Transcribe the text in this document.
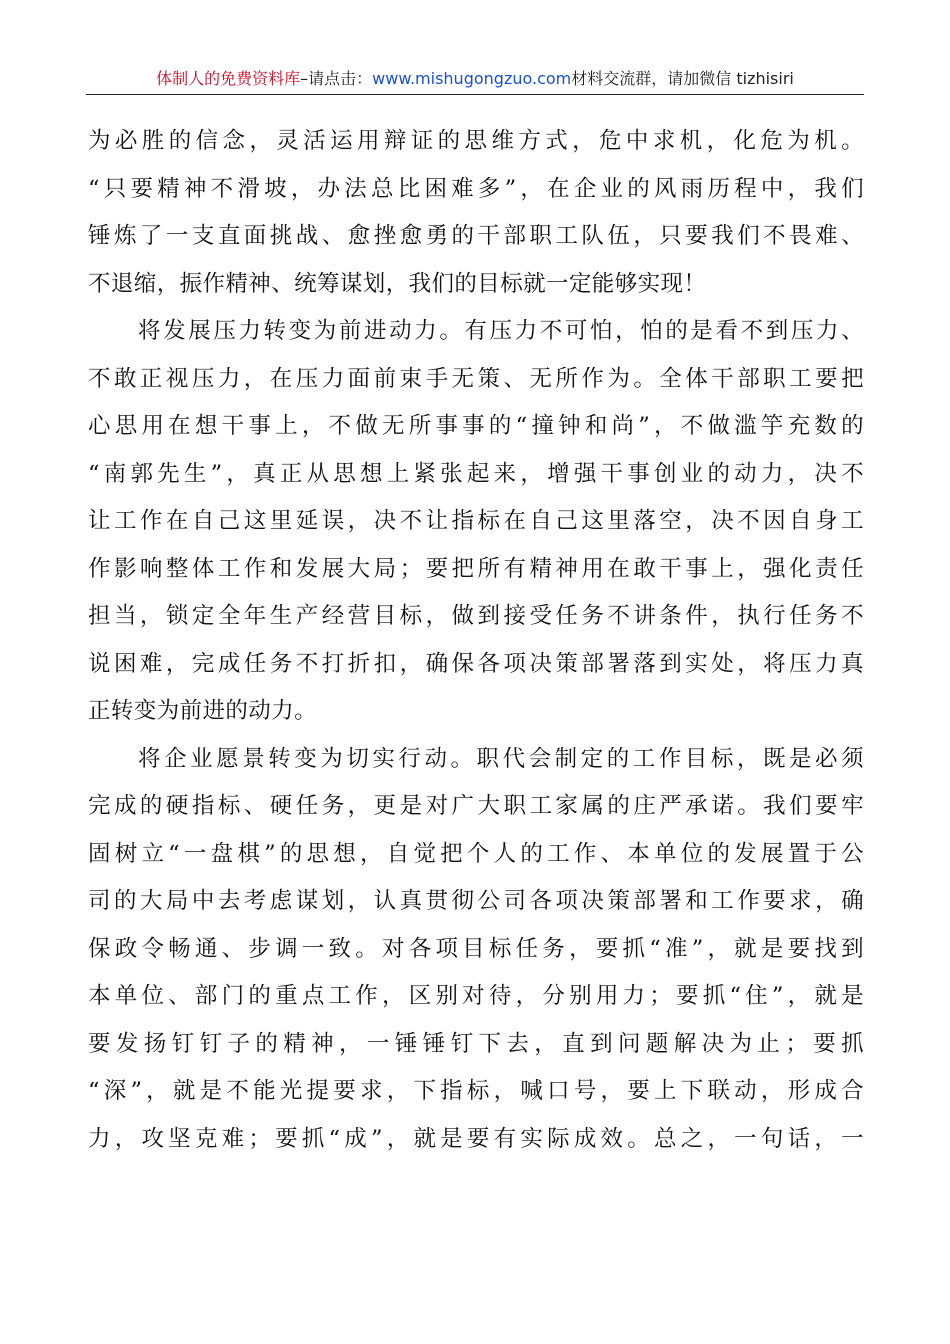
体制人的免费资料库–请点击：www.mishugongzuo.com材料交流群，请加微信 tizhisiri
为必胜的信念，灵活运用辩证的思维方式，危中求机，化危为机。
“只要精神不滑坡，办法总比困难多”，在企业的风雨历程中，我们
锤炼了一支直面挑战、愈挫愈勇的干部职工队伍，只要我们不畏难、
不退缩，振作精神、统筹谋划，我们的目标就一定能够实现！
将发展压力转变为前进动力。有压力不可怕，怕的是看不到压力、
不敢正视压力，在压力面前束手无策、无所作为。全体干部职工要把
心思用在想干事上，不做无所事事的“撞钟和尚”，不做滥竽充数的
“南郭先生”，真正从思想上紧张起来，增强干事创业的动力，决不
让工作在自己这里延误，决不让指标在自己这里落空，决不因自身工
作影响整体工作和发展大局；要把所有精神用在敢干事上，强化责任
担当，锁定全年生产经营目标，做到接受任务不讲条件，执行任务不
说困难，完成任务不打折扣，确保各项决策部署落到实处，将压力真
正转变为前进的动力。
将企业愿景转变为切实行动。职代会制定的工作目标，既是必须
完成的硬指标、硬任务，更是对广大职工家属的庄严承诺。我们要牢
固树立“一盘棋”的思想，自觉把个人的工作、本单位的发展置于公
司的大局中去考虑谋划，认真贯彻公司各项决策部署和工作要求，确
保政令畅通、步调一致。对各项目标任务，要抓“准”，就是要找到
本单位、部门的重点工作，区别对待，分别用力；要抓“住”，就是
要发扬钉钉子的精神，一锤锤钉下去，直到问题解决为止；要抓
“深”，就是不能光提要求，下指标，喊口号，要上下联动，形成合
力，攻坚克难；要抓“成”，就是要有实际成效。总之，一句话，一
